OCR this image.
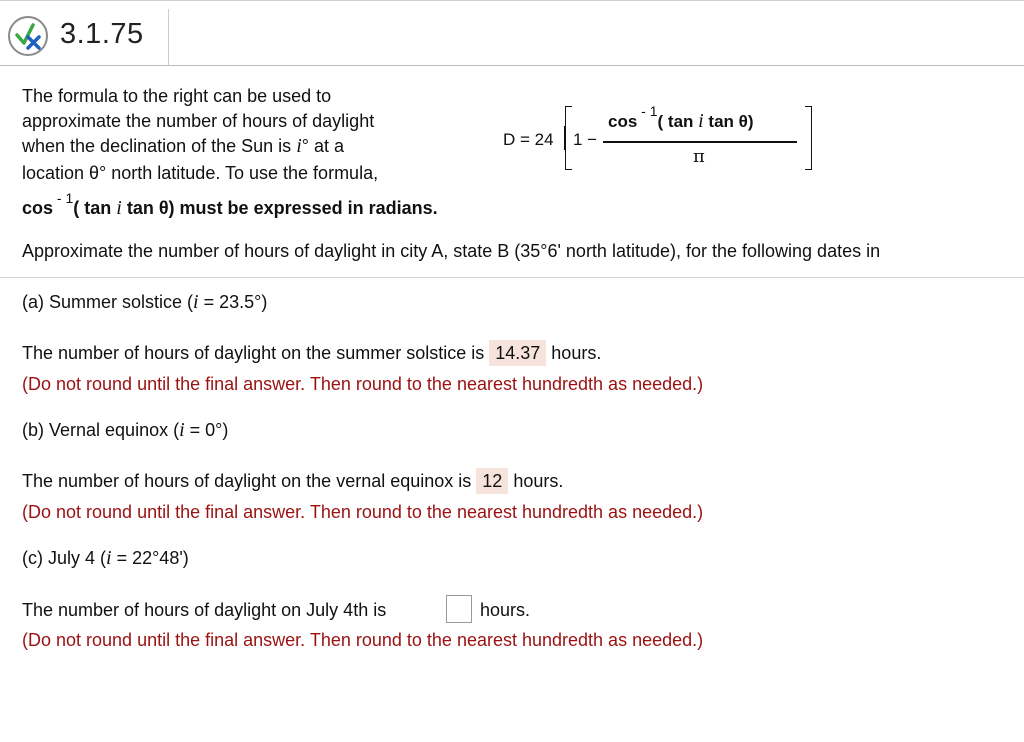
3.1.75
The formula to the right can be used to
approximate the number of hours of daylight
when the declination of the Sun is i° at a
location θ° north latitude. To use the formula,
cos $^{- 1}$( tan i tan θ) must be expressed in radians.
D = 24 1 −
cos $^{- 1}$( tan i tan θ)
π
Approximate the number of hours of daylight in city A, state B (35°6' north latitude), for the following dates in
(a) Summer solstice (i = 23.5°)
The number of hours of daylight on the summer solstice is 14.37 hours.
(Do not round until the final answer. Then round to the nearest hundredth as needed.)
(b) Vernal equinox (i = 0°)
The number of hours of daylight on the vernal equinox is 12 hours.
(Do not round until the final answer. Then round to the nearest hundredth as needed.)
(c) July 4 (i = 22°48')
The number of hours of daylight on July 4th is	hours.
(Do not round until the final answer. Then round to the nearest hundredth as needed.)
